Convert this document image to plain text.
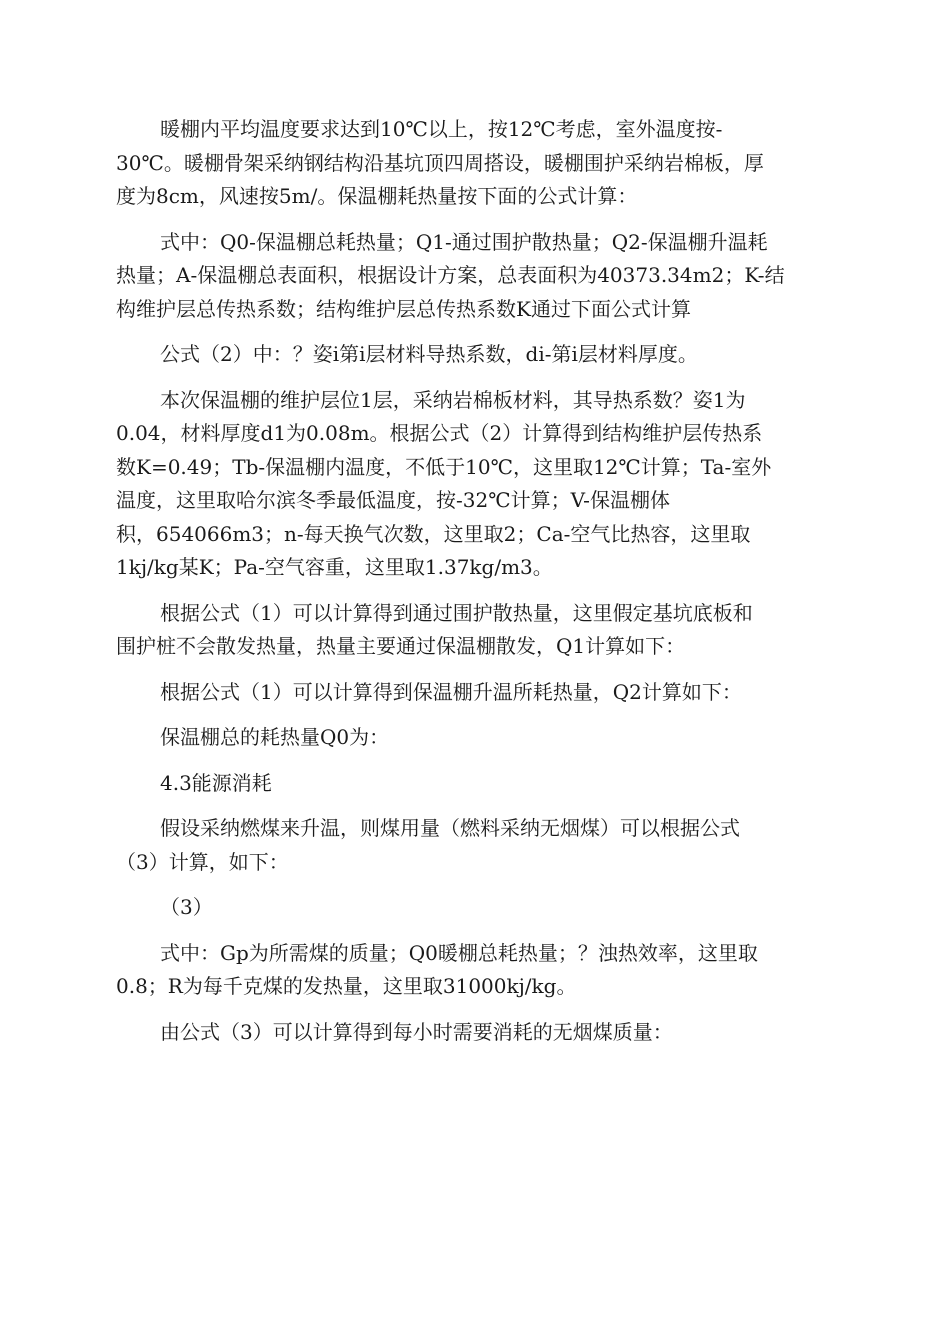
暖棚内平均温度要求达到10℃以上，按12℃考虑，室外温度按-
30℃。暖棚骨架采纳钢结构沿基坑顶四周搭设，暖棚围护采纳岩棉板，厚
度为8cm，风速按5m/。保温棚耗热量按下面的公式计算：

式中：Q0-保温棚总耗热量；Q1-通过围护散热量；Q2-保温棚升温耗
热量；A-保温棚总表面积，根据设计方案，总表面积为40373.34m2；K-结
构维护层总传热系数；结构维护层总传热系数K通过下面公式计算

公式（2）中：？姿i第i层材料导热系数，di-第i层材料厚度。

本次保温棚的维护层位1层，采纳岩棉板材料，其导热系数？姿1为
0.04，材料厚度d1为0.08m。根据公式（2）计算得到结构维护层传热系
数K=0.49；Tb-保温棚内温度，不低于10℃，这里取12℃计算；Ta-室外
温度，这里取哈尔滨冬季最低温度，按-32℃计算；V-保温棚体
积，654066m3；n-每天换气次数，这里取2；Ca-空气比热容，这里取
1kj/kg某K；Pa-空气容重，这里取1.37kg/m3。

根据公式（1）可以计算得到通过围护散热量，这里假定基坑底板和
围护桩不会散发热量，热量主要通过保温棚散发，Q1计算如下：

根据公式（1）可以计算得到保温棚升温所耗热量，Q2计算如下：

保温棚总的耗热量Q0为：

4.3能源消耗

假设采纳燃煤来升温，则煤用量（燃料采纳无烟煤）可以根据公式
（3）计算，如下：

（3）

式中：Gp为所需煤的质量；Q0暖棚总耗热量；？浊热效率，这里取
0.8；R为每千克煤的发热量，这里取31000kj/kg。

由公式（3）可以计算得到每小时需要消耗的无烟煤质量：
